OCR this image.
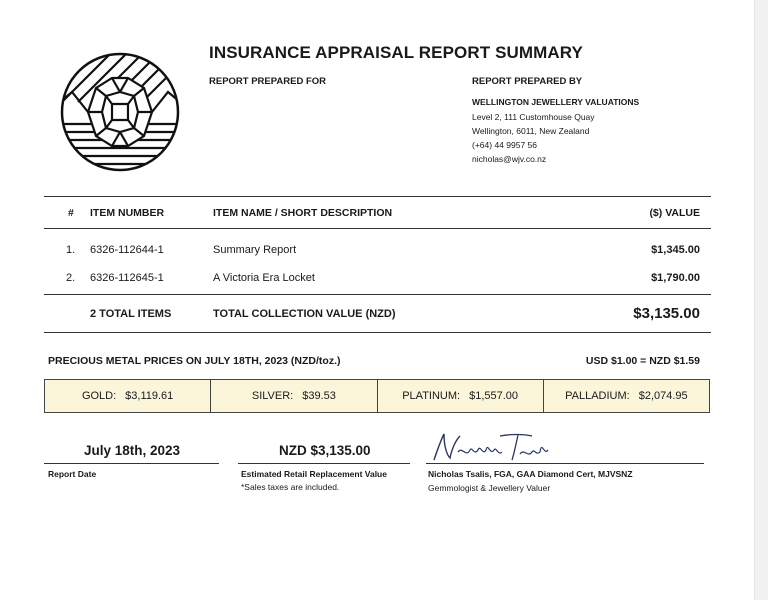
INSURANCE APPRAISAL REPORT SUMMARY
REPORT PREPARED FOR	REPORT PREPARED BY
WELLINGTON JEWELLERY VALUATIONS
Level 2, 111 Customhouse Quay
Wellington, 6011, New Zealand
(+64) 44 9957 56
nicholas@wjv.co.nz
# ITEM NUMBER	ITEM NAME / SHORT DESCRIPTION	($) VALUE
1. 6326-112644-1	Summary Report	$1,345.00
2. 6326-112645-1	A Victoria Era Locket	$1,790.00
2 TOTAL ITEMS	TOTAL COLLECTION VALUE (NZD)	$3,135.00
PRECIOUS METAL PRICES ON JULY 18TH, 2023 (NZD/toz.)	USD $1.00 = NZD $1.59
GOLD: $3,119.61	SILVER: $39.53	PLATINUM: $1,557.00	PALLADIUM: $2,074.95
July 18th, 2023
Report Date
NZD $3,135.00
Estimated Retail Replacement Value
*Sales taxes are included.
Nicholas Tsalis, FGA, GAA Diamond Cert, MJVSNZ
Gemmologist & Jewellery Valuer
